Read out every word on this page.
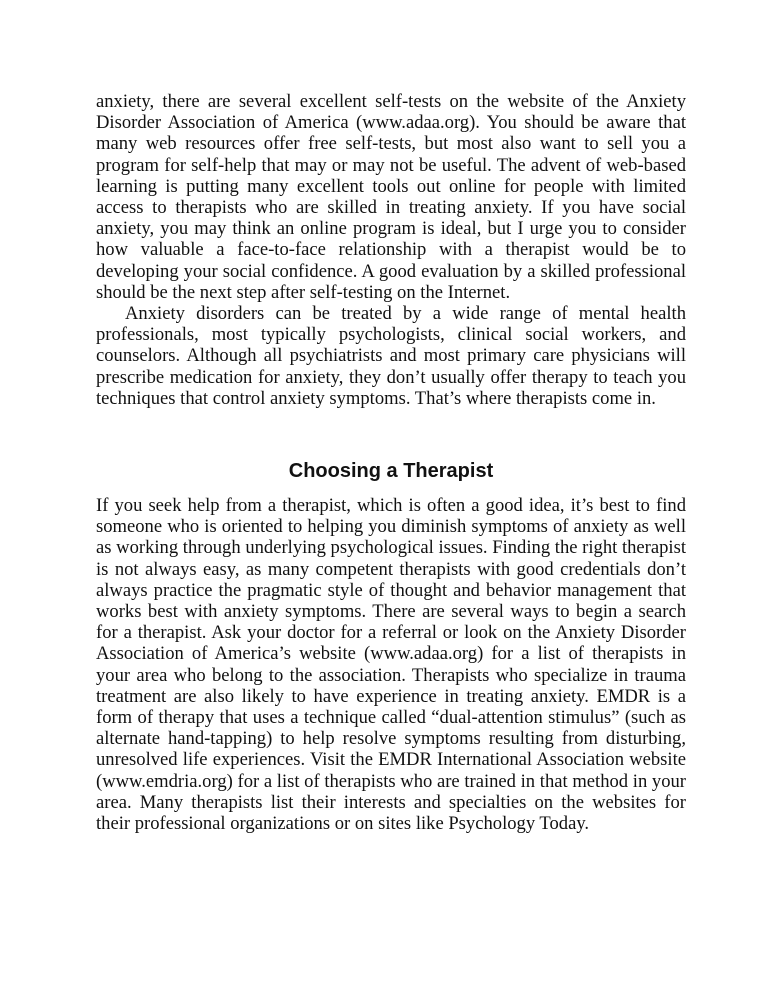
anxiety, there are several excellent self-tests on the website of the Anxiety Disorder Association of America (www.adaa.org). You should be aware that many web resources offer free self-tests, but most also want to sell you a program for self-help that may or may not be useful. The advent of web-based learning is putting many excellent tools out online for people with limited access to therapists who are skilled in treating anxiety. If you have social anxiety, you may think an online program is ideal, but I urge you to consider how valuable a face-to-face relationship with a therapist would be to developing your social confidence. A good evaluation by a skilled professional should be the next step after self-testing on the Internet.

Anxiety disorders can be treated by a wide range of mental health professionals, most typically psychologists, clinical social workers, and counselors. Although all psychiatrists and most primary care physicians will prescribe medication for anxiety, they don’t usually offer therapy to teach you techniques that control anxiety symptoms. That’s where therapists come in.

Choosing a Therapist

If you seek help from a therapist, which is often a good idea, it’s best to find someone who is oriented to helping you diminish symptoms of anxiety as well as working through underlying psychological issues. Finding the right therapist is not always easy, as many competent therapists with good credentials don’t always practice the pragmatic style of thought and behavior management that works best with anxiety symptoms. There are several ways to begin a search for a therapist. Ask your doctor for a referral or look on the Anxiety Disorder Association of America’s website (www.adaa.org) for a list of therapists in your area who belong to the association. Therapists who specialize in trauma treatment are also likely to have experience in treating anxiety. EMDR is a form of therapy that uses a technique called “dual-attention stimulus” (such as alternate hand-tapping) to help resolve symptoms resulting from disturbing, unresolved life experiences. Visit the EMDR International Association website (www.emdria.org) for a list of therapists who are trained in that method in your area. Many therapists list their interests and specialties on the websites for their professional organizations or on sites like Psychology Today.
